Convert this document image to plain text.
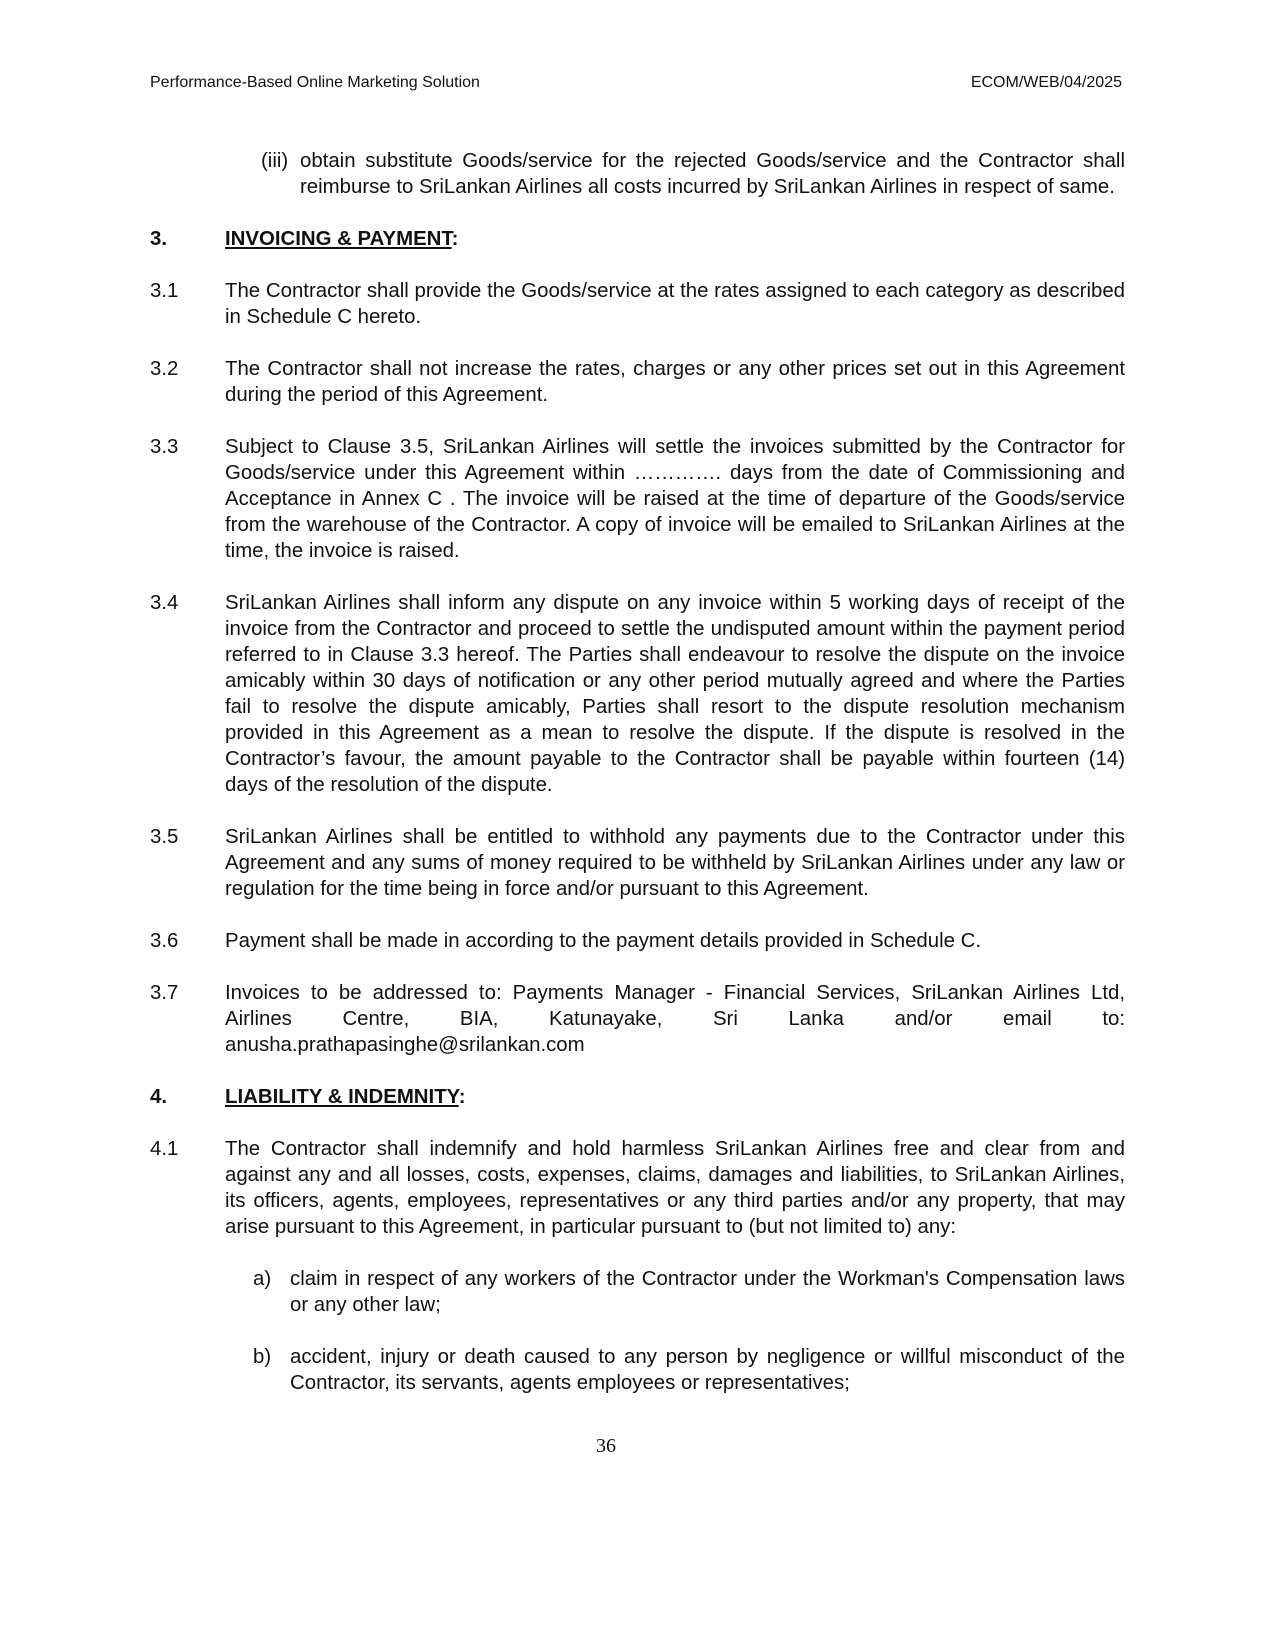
Performance-Based Online Marketing Solution	ECOM/WEB/04/2025
(iii) obtain substitute Goods/service for the rejected Goods/service and the Contractor shall reimburse to SriLankan Airlines all costs incurred by SriLankan Airlines in respect of same.
3.	INVOICING & PAYMENT:
3.1 The Contractor shall provide the Goods/service at the rates assigned to each category as described in Schedule C hereto.
3.2 The Contractor shall not increase the rates, charges or any other prices set out in this Agreement during the period of this Agreement.
3.3 Subject to Clause 3.5, SriLankan Airlines will settle the invoices submitted by the Contractor for Goods/service under this Agreement within …………. days from the date of Commissioning and Acceptance in Annex C . The invoice will be raised at the time of departure of the Goods/service from the warehouse of the Contractor. A copy of invoice will be emailed to SriLankan Airlines at the time, the invoice is raised.
3.4 SriLankan Airlines shall inform any dispute on any invoice within 5 working days of receipt of the invoice from the Contractor and proceed to settle the undisputed amount within the payment period referred to in Clause 3.3 hereof. The Parties shall endeavour to resolve the dispute on the invoice amicably within 30 days of notification or any other period mutually agreed and where the Parties fail to resolve the dispute amicably, Parties shall resort to the dispute resolution mechanism provided in this Agreement as a mean to resolve the dispute. If the dispute is resolved in the Contractor’s favour, the amount payable to the Contractor shall be payable within fourteen (14) days of the resolution of the dispute.
3.5 SriLankan Airlines shall be entitled to withhold any payments due to the Contractor under this Agreement and any sums of money required to be withheld by SriLankan Airlines under any law or regulation for the time being in force and/or pursuant to this Agreement.
3.6 Payment shall be made in according to the payment details provided in Schedule C.
3.7 Invoices to be addressed to: Payments Manager - Financial Services, SriLankan Airlines Ltd, Airlines Centre, BIA, Katunayake, Sri Lanka and/or email to: anusha.prathapasinghe@srilankan.com
4.	LIABILITY & INDEMNITY:
4.1 The Contractor shall indemnify and hold harmless SriLankan Airlines free and clear from and against any and all losses, costs, expenses, claims, damages and liabilities, to SriLankan Airlines, its officers, agents, employees, representatives or any third parties and/or any property, that may arise pursuant to this Agreement, in particular pursuant to (but not limited to) any:
a) claim in respect of any workers of the Contractor under the Workman's Compensation laws or any other law;
b) accident, injury or death caused to any person by negligence or willful misconduct of the Contractor, its servants, agents employees or representatives;
36
